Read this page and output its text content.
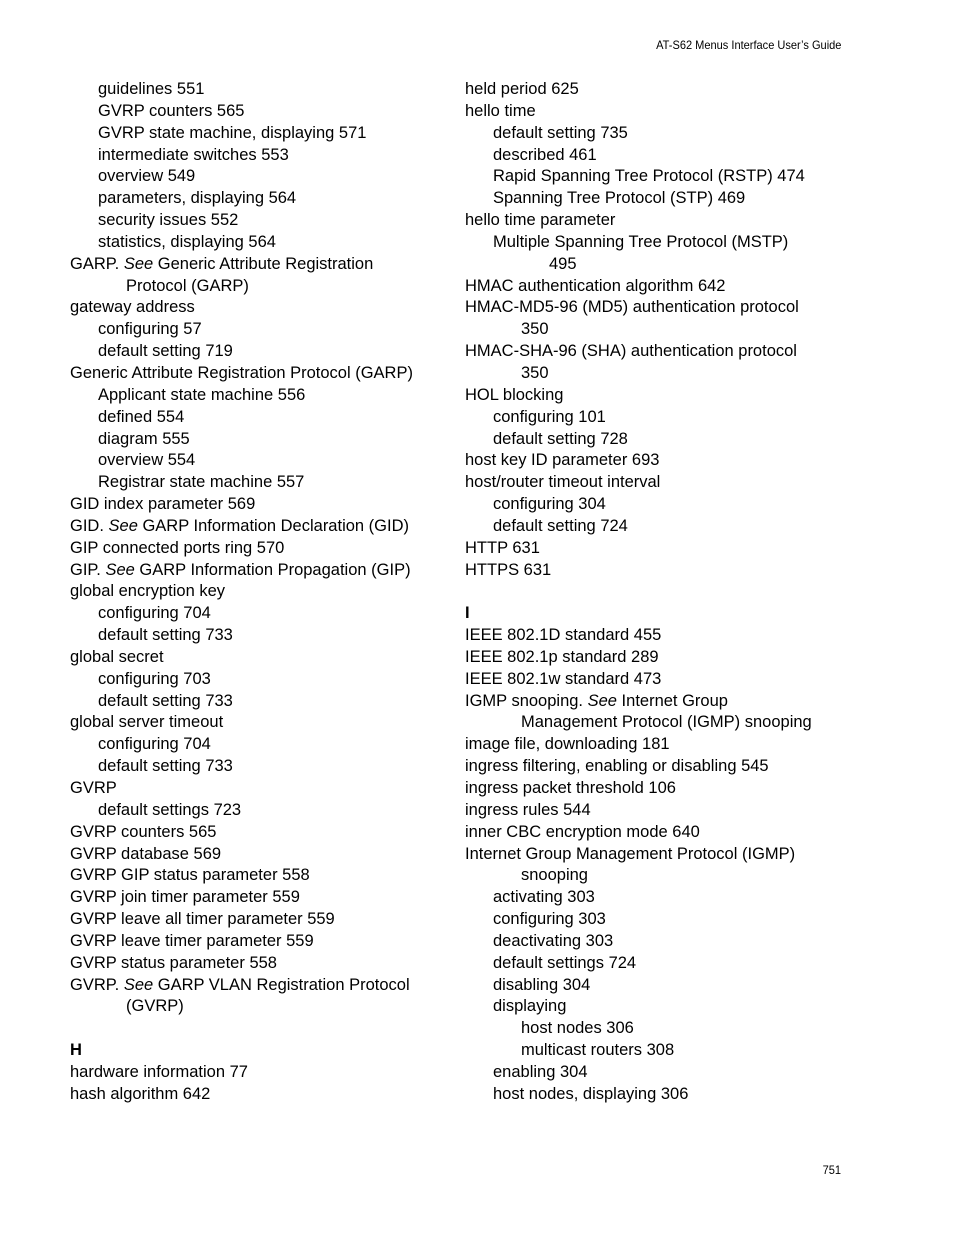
AT-S62 Menus Interface User’s Guide
guidelines 551
GVRP counters 565
GVRP state machine, displaying 571
intermediate switches 553
overview 549
parameters, displaying 564
security issues 552
statistics, displaying 564
GARP. See Generic Attribute Registration
Protocol (GARP)
gateway address
configuring 57
default setting 719
Generic Attribute Registration Protocol (GARP)
Applicant state machine 556
defined 554
diagram 555
overview 554
Registrar state machine 557
GID index parameter 569
GID. See GARP Information Declaration (GID)
GIP connected ports ring 570
GIP. See GARP Information Propagation (GIP)
global encryption key
configuring 704
default setting 733
global secret
configuring 703
default setting 733
global server timeout
configuring 704
default setting 733
GVRP
default settings 723
GVRP counters 565
GVRP database 569
GVRP GIP status parameter 558
GVRP join timer parameter 559
GVRP leave all timer parameter 559
GVRP leave timer parameter 559
GVRP status parameter 558
GVRP. See GARP VLAN Registration Protocol
(GVRP)
H
hardware information 77
hash algorithm 642
held period 625
hello time
default setting 735
described 461
Rapid Spanning Tree Protocol (RSTP) 474
Spanning Tree Protocol (STP) 469
hello time parameter
Multiple Spanning Tree Protocol (MSTP)
495
HMAC authentication algorithm 642
HMAC-MD5-96 (MD5) authentication protocol
350
HMAC-SHA-96 (SHA) authentication protocol
350
HOL blocking
configuring 101
default setting 728
host key ID parameter 693
host/router timeout interval
configuring 304
default setting 724
HTTP 631
HTTPS 631
I
IEEE 802.1D standard 455
IEEE 802.1p standard 289
IEEE 802.1w standard 473
IGMP snooping. See Internet Group
Management Protocol (IGMP) snooping
image file, downloading 181
ingress filtering, enabling or disabling 545
ingress packet threshold 106
ingress rules 544
inner CBC encryption mode 640
Internet Group Management Protocol (IGMP)
snooping
activating 303
configuring 303
deactivating 303
default settings 724
disabling 304
displaying
host nodes 306
multicast routers 308
enabling 304
host nodes, displaying 306
751
